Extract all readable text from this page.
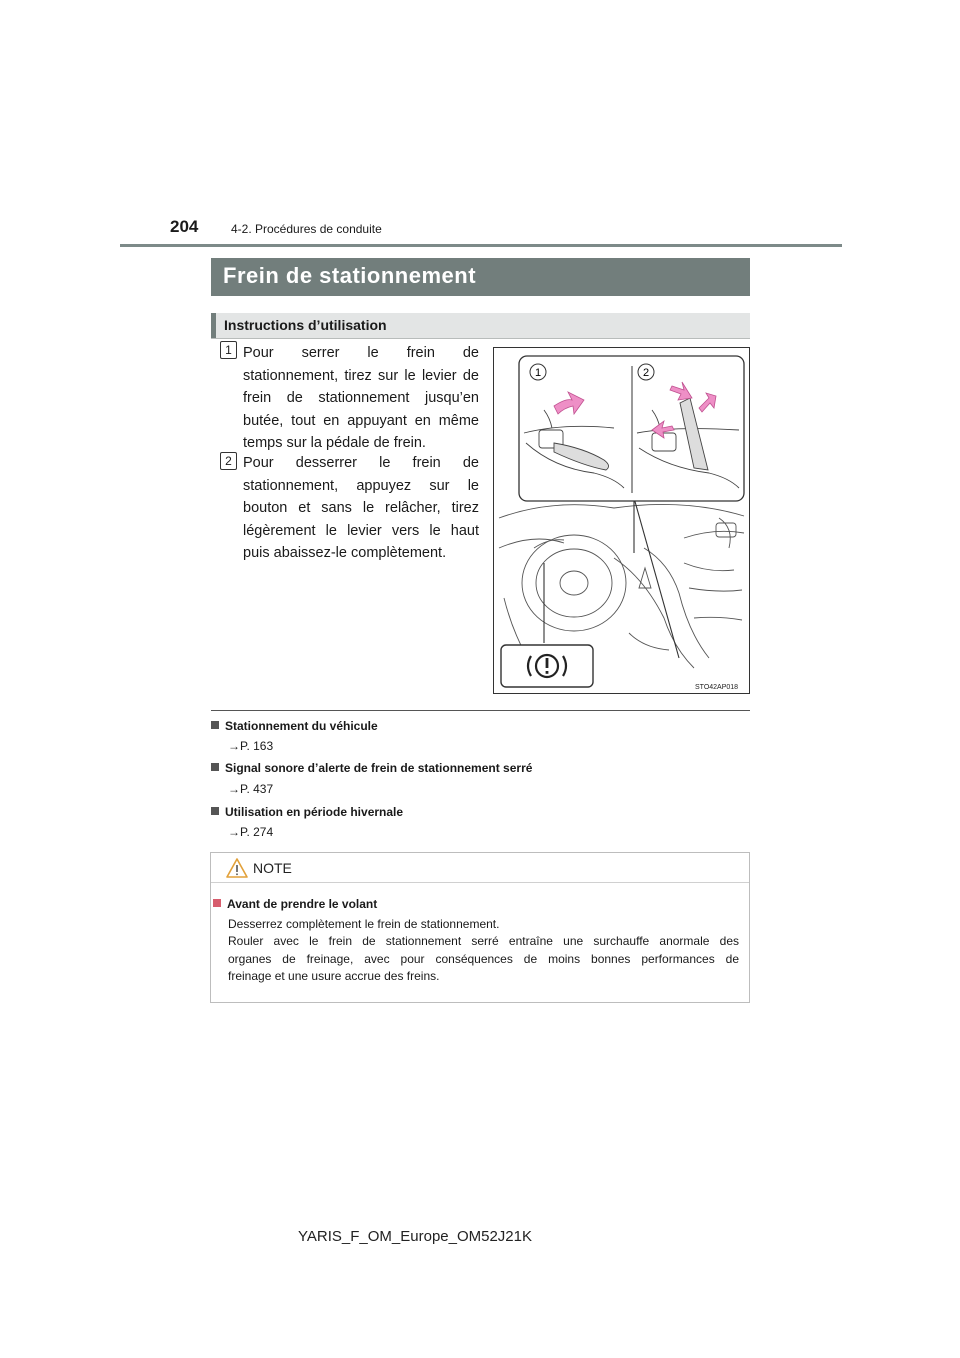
204	4-2. Procédures de conduite
Frein de stationnement
Instructions d’utilisation
1 Pour serrer le frein de
stationnement, tirez sur le levier de
frein de stationnement jusqu’en
butée, tout en appuyant en même
temps sur la pédale de frein.
2 Pour desserrer le frein de
stationnement, appuyez sur le
bouton et sans le relâcher, tirez
légèrement le levier vers le haut
puis abaissez-le complètement.
1	2
STO42AP018
Stationnement du véhicule
→P. 163
Signal sonore d’alerte de frein de stationnement serré
→P. 437
Utilisation en période hivernale
→P. 274
NOTE
Avant de prendre le volant
Desserrez complètement le frein de stationnement.
Rouler avec le frein de stationnement serré entraîne une surchauffe anormale des
organes de freinage, avec pour conséquences de moins bonnes performances de
freinage et une usure accrue des freins.
YARIS_F_OM_Europe_OM52J21K
